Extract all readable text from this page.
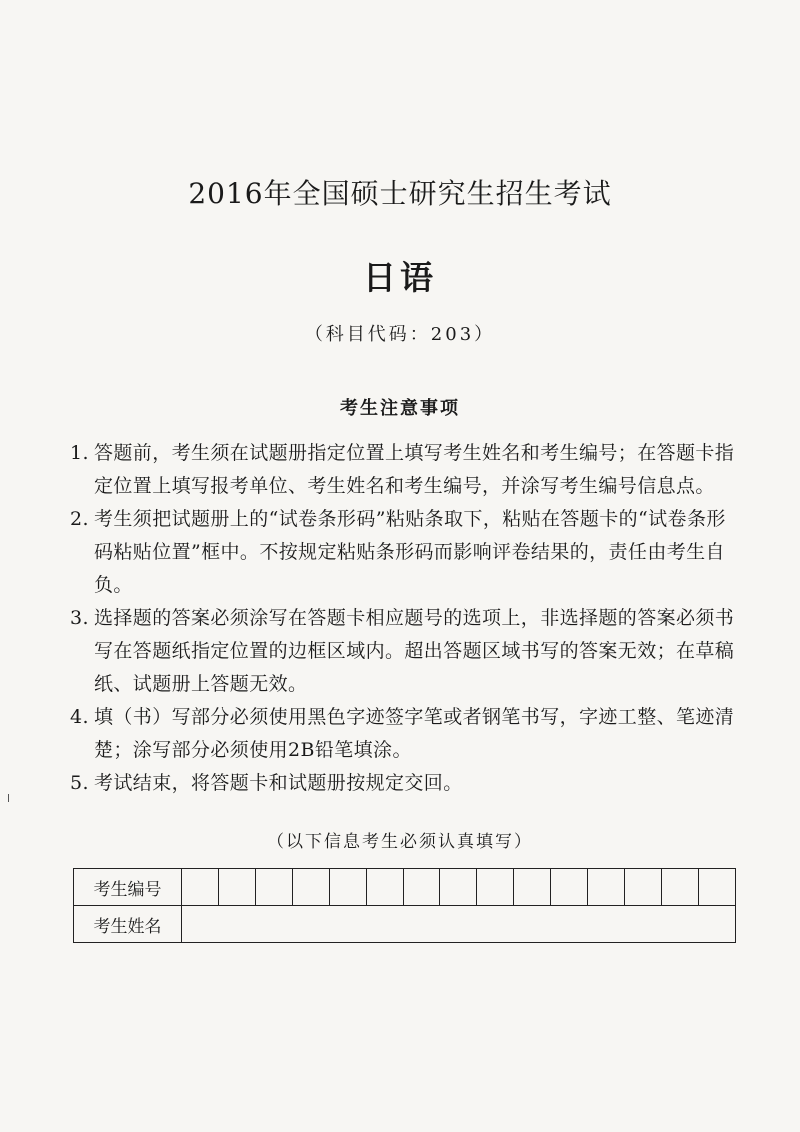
2016年全国硕士研究生招生考试
日语
（科目代码：203）
考生注意事项
1. 答题前，考生须在试题册指定位置上填写考生姓名和考生编号；在答题卡指定位置上填写报考单位、考生姓名和考生编号，并涂写考生编号信息点。
2. 考生须把试题册上的“试卷条形码”粘贴条取下，粘贴在答题卡的“试卷条形码粘贴位置”框中。不按规定粘贴条形码而影响评卷结果的，责任由考生自负。
3. 选择题的答案必须涂写在答题卡相应题号的选项上，非选择题的答案必须书写在答题纸指定位置的边框区域内。超出答题区域书写的答案无效；在草稿纸、试题册上答题无效。
4. 填（书）写部分必须使用黑色字迹签字笔或者钢笔书写，字迹工整、笔迹清楚；涂写部分必须使用2B铅笔填涂。
5. 考试结束，将答题卡和试题册按规定交回。
（以下信息考生必须认真填写）
考生编号															
考生姓名															
